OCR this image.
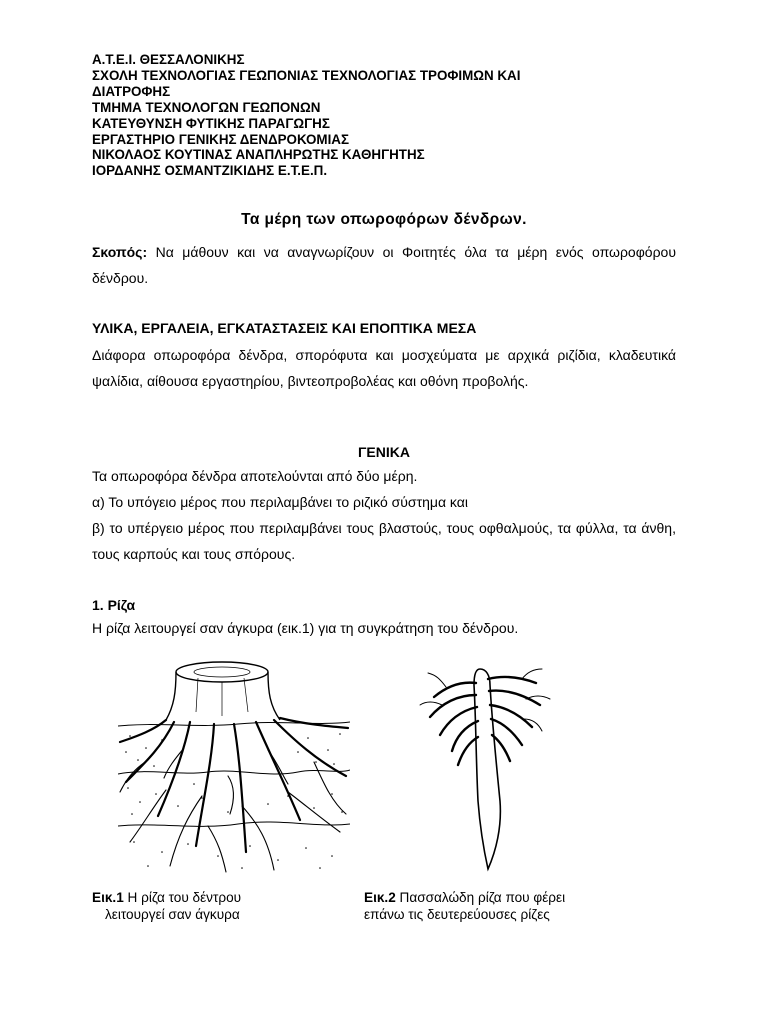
Α.Τ.Ε.Ι. ΘΕΣΣΑΛΟΝΙΚΗΣ
ΣΧΟΛΗ ΤΕΧΝΟΛΟΓΙΑΣ ΓΕΩΠΟΝΙΑΣ ΤΕΧΝΟΛΟΓΙΑΣ ΤΡΟΦΙΜΩΝ ΚΑΙ
ΔΙΑΤΡΟΦΗΣ
ΤΜΗΜΑ ΤΕΧΝΟΛΟΓΩΝ ΓΕΩΠΟΝΩΝ
ΚΑΤΕΥΘΥΝΣΗ ΦΥΤΙΚΗΣ ΠΑΡΑΓΩΓΗΣ
ΕΡΓΑΣΤΗΡΙΟ ΓΕΝΙΚΗΣ ΔΕΝΔΡΟΚΟΜΙΑΣ
ΝΙΚΟΛΑΟΣ ΚΟΥΤΙΝΑΣ ΑΝΑΠΛΗΡΩΤΗΣ ΚΑΘΗΓΗΤΗΣ
ΙΟΡΔΑΝΗΣ ΟΣΜΑΝΤΖΙΚΙΔΗΣ Ε.Τ.Ε.Π.
Τα μέρη των οπωροφόρων δένδρων.
Σκοπός: Να μάθουν και να αναγνωρίζουν οι Φοιτητές όλα τα μέρη ενός οπωροφόρου δένδρου.
ΥΛΙΚΑ, ΕΡΓΑΛΕΙΑ, ΕΓΚΑΤΑΣΤΑΣΕΙΣ ΚΑΙ ΕΠΟΠΤΙΚΑ ΜΕΣΑ
Διάφορα οπωροφόρα δένδρα, σπορόφυτα και μοσχεύματα με αρχικά ριζίδια, κλαδευτικά ψαλίδια, αίθουσα εργαστηρίου, βιντεοπροβολέας και οθόνη προβολής.
ΓΕΝΙΚΑ
Τα οπωροφόρα δένδρα αποτελούνται από δύο μέρη.
α) Το υπόγειο μέρος που περιλαμβάνει το ριζικό σύστημα και
β) το υπέργειο μέρος που περιλαμβάνει τους βλαστούς, τους οφθαλμούς, τα φύλλα, τα άνθη, τους καρπούς και τους σπόρους.
1. Ρίζα
Η ρίζα λειτουργεί σαν άγκυρα (εικ.1) για τη συγκράτηση του δένδρου.
Εικ.1 Η ρίζα του δέντρου
λειτουργεί σαν άγκυρα
Εικ.2 Πασσαλώδη ρίζα που φέρει
επάνω τις δευτερεύουσες ρίζες
